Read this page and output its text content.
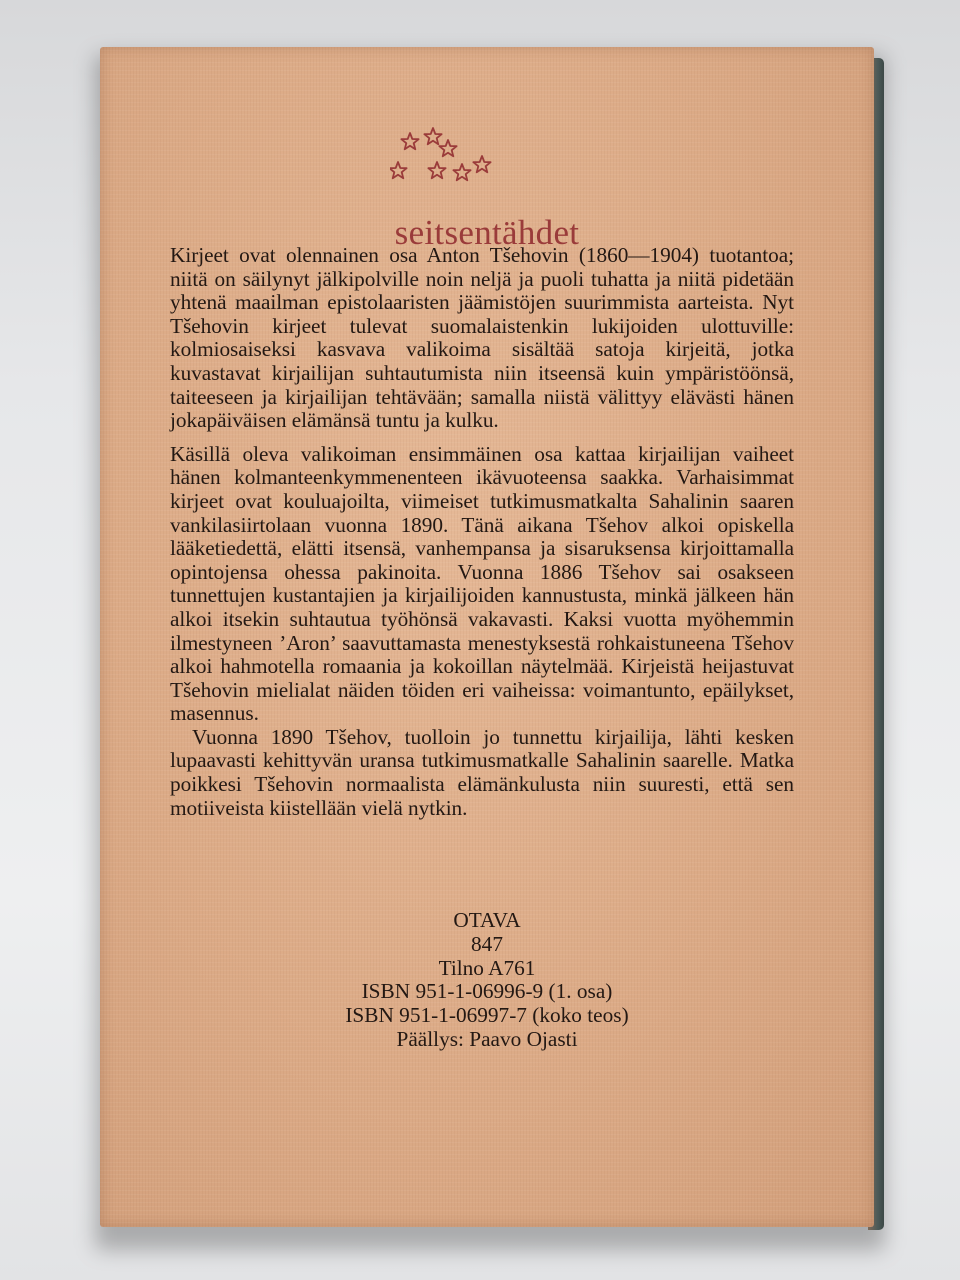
seitsentähdet

Kirjeet ovat olennainen osa Anton Tšehovin (1860—1904) tuotantoa; niitä on säilynyt jälkipolville noin neljä ja puoli tuhatta ja niitä pidetään yhtenä maailman epistolaaristen jäämistöjen suurimmista aarteista. Nyt Tšehovin kirjeet tulevat suomalaistenkin lukijoiden ulottuville: kolmiosaiseksi kasvava valikoima sisältää satoja kirjeitä, jotka kuvastavat kirjailijan suhtautumista niin itseensä kuin ympäristöönsä, taiteeseen ja kirjailijan tehtävään; samalla niistä välittyy elävästi hänen jokapäiväisen elämänsä tuntu ja kulku.

Käsillä oleva valikoiman ensimmäinen osa kattaa kirjailijan vaiheet hänen kolmanteenkymmenenteen ikävuoteensa saakka. Varhaisimmat kirjeet ovat kouluajoilta, viimeiset tutkimusmatkalta Sahalinin saaren vankilasiirtolaan vuonna 1890. Tänä aikana Tšehov alkoi opiskella lääketiedettä, elätti itsensä, vanhempansa ja sisaruksensa kirjoittamalla opintojensa ohessa pakinoita. Vuonna 1886 Tšehov sai osakseen tunnettujen kustantajien ja kirjailijoiden kannustusta, minkä jälkeen hän alkoi itsekin suhtautua työhönsä vakavasti. Kaksi vuotta myöhemmin ilmestyneen ’Aron’ saavuttamasta menestyksestä rohkaistuneena Tšehov alkoi hahmotella romaania ja kokoillan näytelmää. Kirjeistä heijastuvat Tšehovin mielialat näiden töiden eri vaiheissa: voimantunto, epäilykset, masennus.

Vuonna 1890 Tšehov, tuolloin jo tunnettu kirjailija, lähti kesken lupaavasti kehittyvän uransa tutkimusmatkalle Sahalinin saarelle. Matka poikkesi Tšehovin normaalista elämänkulusta niin suuresti, että sen motiiveista kiistellään vielä nytkin.

OTAVA
847
Tilno A761
ISBN 951-1-06996-9 (1. osa)
ISBN 951-1-06997-7 (koko teos)
Päällys: Paavo Ojasti
